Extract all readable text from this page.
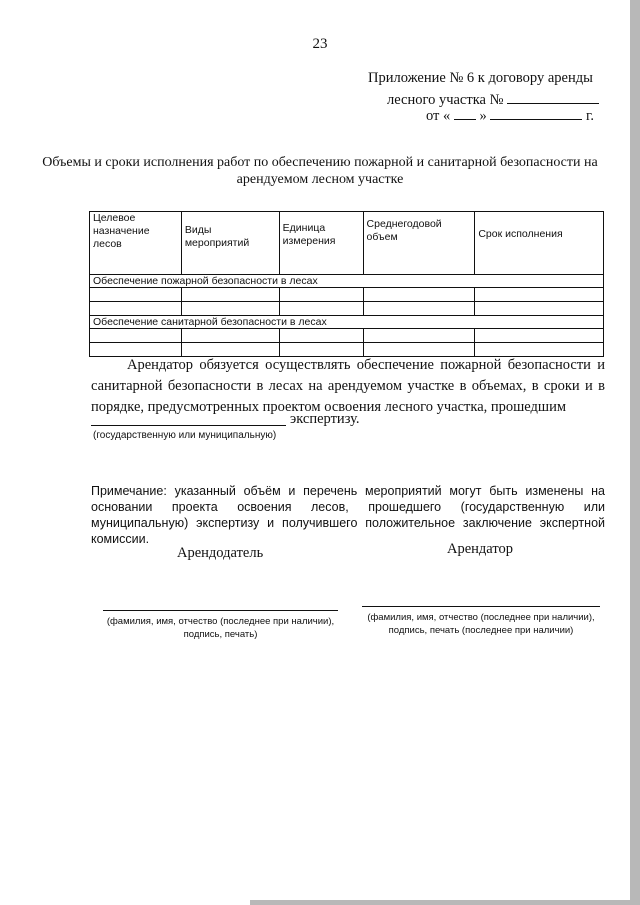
23
Приложение № 6 к договору аренды
лесного участка №
от « »	г.
Объемы и сроки исполнения работ по обеспечению пожарной и санитарной безопасности на арендуемом лесном участке
Целевое назначение лесов	Виды мероприятий	Единица измерения	Среднегодовой объем	Срок исполнения
Обеспечение пожарной безопасности в лесах				

Обеспечение санитарной безопасности в лесах				

Арендатор обязуется осуществлять обеспечение пожарной безопасности и санитарной безопасности в лесах на арендуемом участке в объемах, в сроки и в порядке, предусмотренных проектом освоения лесного участка, прошедшим
экспертизу.
(государственную или муниципальную)
Примечание: указанный объём и перечень мероприятий могут быть изменены на основании проекта освоения лесов, прошедшего (государственную или муниципальную) экспертизу и получившего положительное заключение экспертной комиссии.
Арендодатель	Арендатор
(фамилия, имя, отчество (последнее при наличии), подпись, печать)
(фамилия, имя, отчество (последнее при наличии), подпись, печать (последнее при наличии)
